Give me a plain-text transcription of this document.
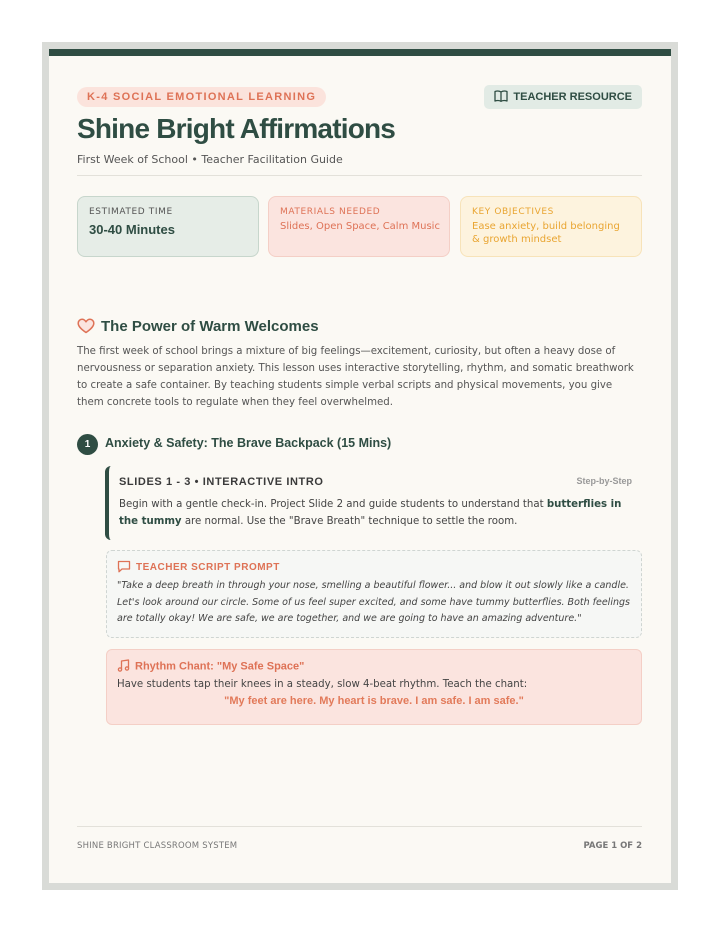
K-4 SOCIAL EMOTIONAL LEARNING	TEACHER RESOURCE
Shine Bright Affirmations
First Week of School • Teacher Facilitation Guide
ESTIMATED TIME
30-40 Minutes
MATERIALS NEEDED
Slides, Open Space, Calm Music
KEY OBJECTIVES
Ease anxiety, build belonging & growth mindset
The Power of Warm Welcomes

The first week of school brings a mixture of big feelings—excitement, curiosity, but often a heavy dose of nervousness or separation anxiety. This lesson uses interactive storytelling, rhythm, and somatic breathwork to create a safe container. By teaching students simple verbal scripts and physical movements, you give them concrete tools to regulate when they feel overwhelmed.

1	Anxiety & Safety: The Brave Backpack (15 Mins)
SLIDES 1 - 3 • INTERACTIVE INTRO	Step-by-Step

Begin with a gentle check-in. Project Slide 2 and guide students to understand that butterflies in the tummy are normal. Use the "Brave Breath" technique to settle the room.

TEACHER SCRIPT PROMPT

"Take a deep breath in through your nose, smelling a beautiful flower... and blow it out slowly like a candle. Let's look around our circle. Some of us feel super excited, and some have tummy butterflies. Both feelings are totally okay! We are safe, we are together, and we are going to have an amazing adventure."

Rhythm Chant: "My Safe Space"

Have students tap their knees in a steady, slow 4-beat rhythm. Teach the chant:

"My feet are here. My heart is brave. I am safe. I am safe."

SHINE BRIGHT CLASSROOM SYSTEM	PAGE 1 OF 2
